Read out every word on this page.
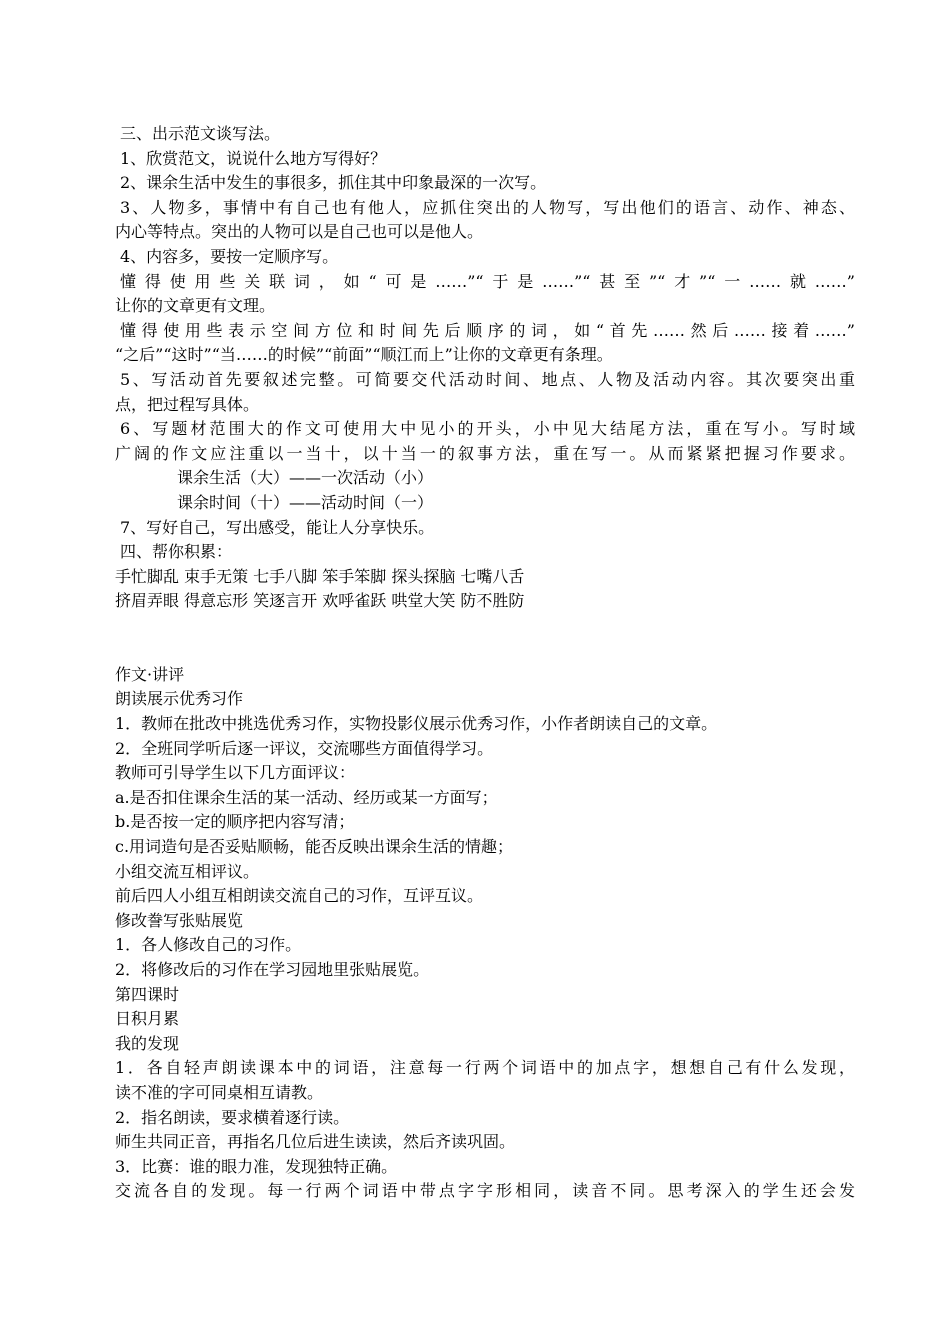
三、出示范文谈写法。
1、欣赏范文，说说什么地方写得好？
2、课余生活中发生的事很多，抓住其中印象最深的一次写。
3、人物多，事情中有自己也有他人，应抓住突出的人物写，写出他们的语言、动作、神态、
内心等特点。突出的人物可以是自己也可以是他人。
4、内容多，要按一定顺序写。
懂得使用些关联词，如“可是……”“于是……”“甚至”“才”“一……就……”
让你的文章更有文理。
懂得使用些表示空间方位和时间先后顺序的词，如“首先……然后……接着……”
“之后”“这时”“当……的时候”“前面”“顺江而上”让你的文章更有条理。
5、写活动首先要叙述完整。可简要交代活动时间、地点、人物及活动内容。其次要突出重
点，把过程写具体。
6、写题材范围大的作文可使用大中见小的开头，小中见大结尾方法，重在写小。写时域
广阔的作文应注重以一当十，以十当一的叙事方法，重在写一。从而紧紧把握习作要求。
课余生活（大）——一次活动（小）
课余时间（十）——活动时间（一）
7、写好自己，写出感受，能让人分享快乐。
四、帮你积累：
手忙脚乱 束手无策 七手八脚 笨手笨脚 探头探脑 七嘴八舌
挤眉弄眼 得意忘形 笑逐言开 欢呼雀跃 哄堂大笑 防不胜防
作文·讲评
朗读展示优秀习作
1．教师在批改中挑选优秀习作，实物投影仪展示优秀习作，小作者朗读自己的文章。
2．全班同学听后逐一评议，交流哪些方面值得学习。
教师可引导学生以下几方面评议：
a.是否扣住课余生活的某一活动、经历或某一方面写；
b.是否按一定的顺序把内容写清；
c.用词造句是否妥贴顺畅，能否反映出课余生活的情趣；
小组交流互相评议。
前后四人小组互相朗读交流自己的习作，互评互议。
修改誊写张贴展览
1．各人修改自己的习作。
2．将修改后的习作在学习园地里张贴展览。
第四课时
日积月累
我的发现
1．各自轻声朗读课本中的词语，注意每一行两个词语中的加点字，想想自己有什么发现，
读不准的字可同桌相互请教。
2．指名朗读，要求横着逐行读。
师生共同正音，再指名几位后进生读读，然后齐读巩固。
3．比赛：谁的眼力准，发现独特正确。
交流各自的发现。每一行两个词语中带点字字形相同，读音不同。思考深入的学生还会发
